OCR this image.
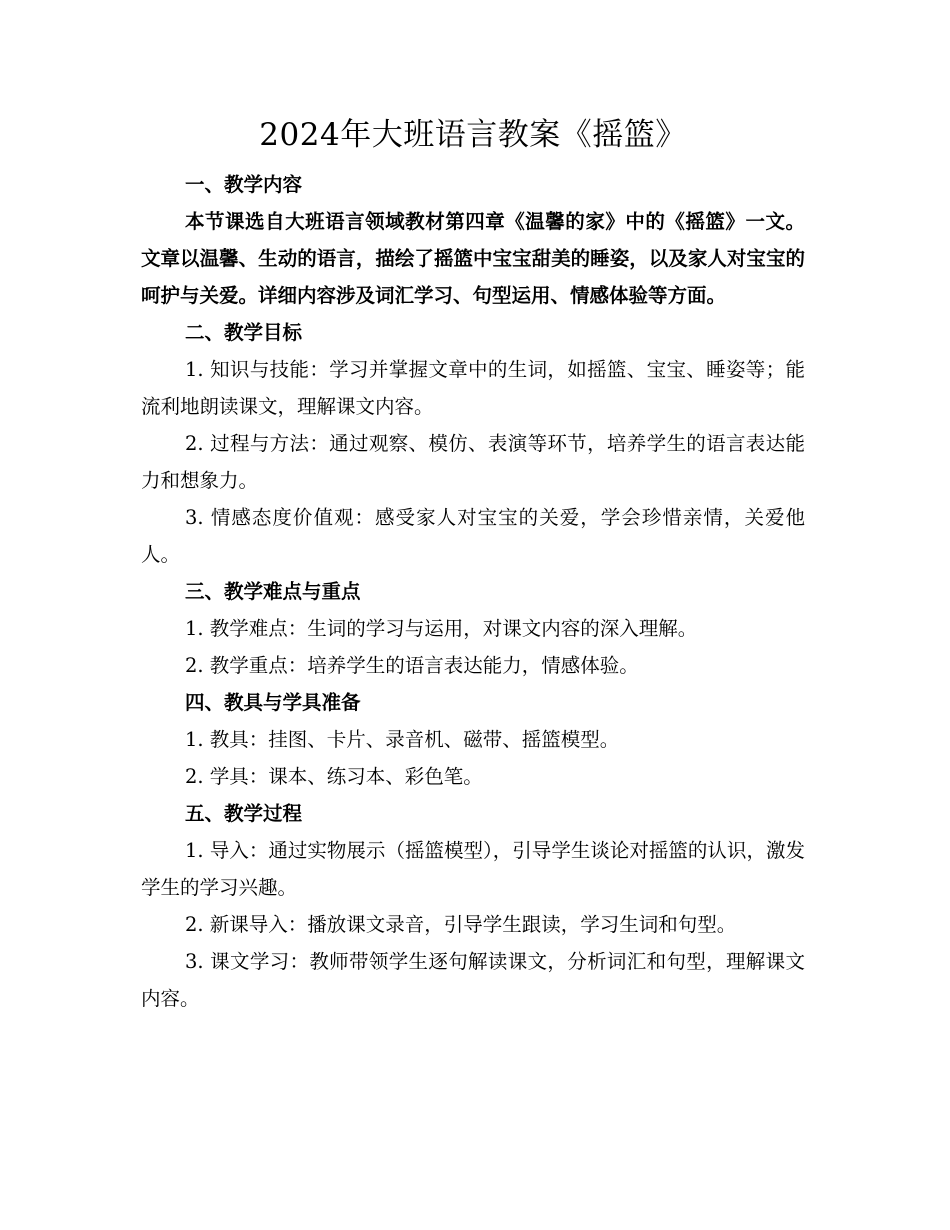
2024年大班语言教案《摇篮》

一、教学内容

本节课选自大班语言领域教材第四章《温馨的家》中的《摇篮》一文。文章以温馨、生动的语言，描绘了摇篮中宝宝甜美的睡姿，以及家人对宝宝的呵护与关爱。详细内容涉及词汇学习、句型运用、情感体验等方面。

二、教学目标

1. 知识与技能：学习并掌握文章中的生词，如摇篮、宝宝、睡姿等；能流利地朗读课文，理解课文内容。

2. 过程与方法：通过观察、模仿、表演等环节，培养学生的语言表达能力和想象力。

3. 情感态度价值观：感受家人对宝宝的关爱，学会珍惜亲情，关爱他人。

三、教学难点与重点

1. 教学难点：生词的学习与运用，对课文内容的深入理解。

2. 教学重点：培养学生的语言表达能力，情感体验。

四、教具与学具准备

1. 教具：挂图、卡片、录音机、磁带、摇篮模型。

2. 学具：课本、练习本、彩色笔。

五、教学过程

1. 导入：通过实物展示（摇篮模型），引导学生谈论对摇篮的认识，激发学生的学习兴趣。

2. 新课导入：播放课文录音，引导学生跟读，学习生词和句型。

3. 课文学习：教师带领学生逐句解读课文，分析词汇和句型，理解课文内容。
